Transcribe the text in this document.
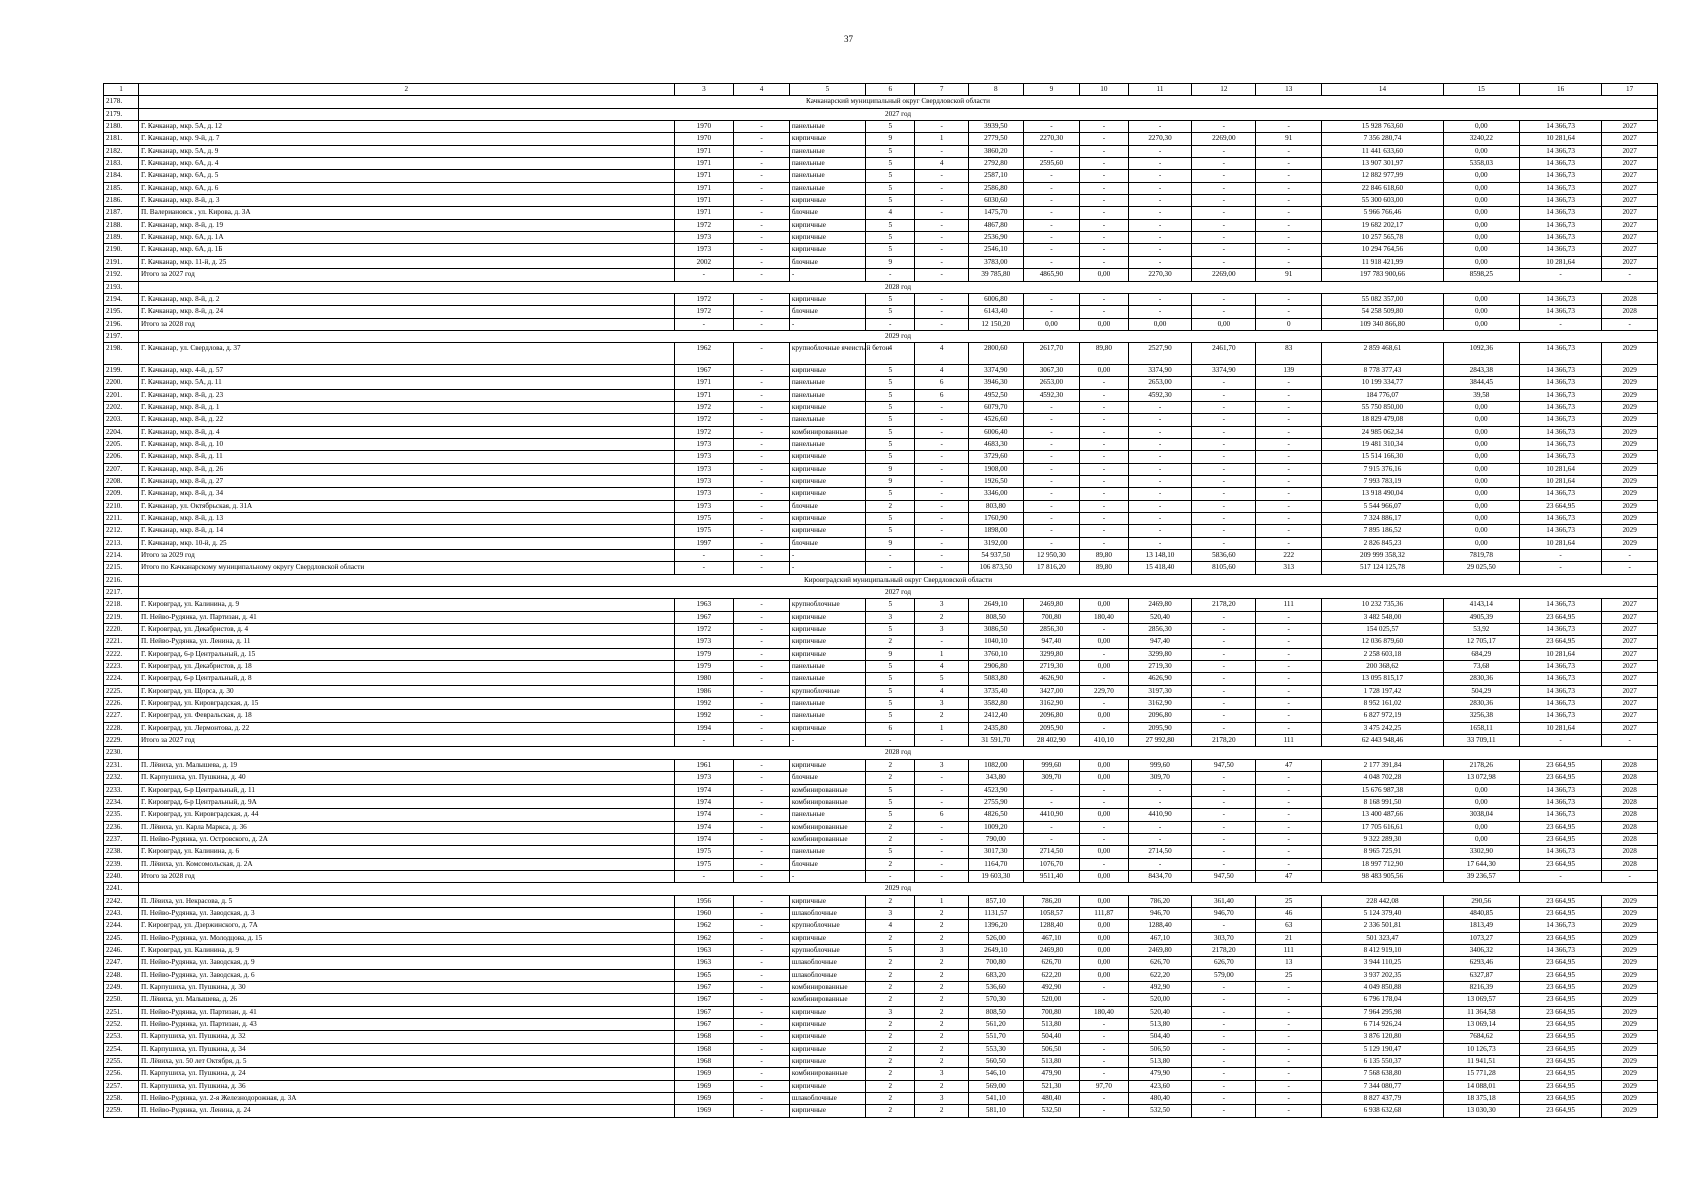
37
1	2	3	4	5	6	7	8	9	10	11	12	13	14	15	16	17
2178.	Качканарский муниципальный округ Свердловской области															
2179.	2027 год															
2180.	Г. Качканар, мкр. 5А, д. 12	1970	-	панельные	5	-	3939,50	-	-	-	-	-	15 928 763,60	0,00	14 366,73	2027
2181.	Г. Качканар, мкр. 9-й, д. 7	1970	-	кирпичные	9	1	2779,50	2270,30	-	2270,30	2269,00	91	7 356 280,74	3240,22	10 281,64	2027
2182.	Г. Качканар, мкр. 5А, д. 9	1971	-	панельные	5	-	3860,20	-	-	-	-	-	11 441 633,60	0,00	14 366,73	2027
2183.	Г. Качканар, мкр. 6А, д. 4	1971	-	панельные	5	4	2792,80	2595,60	-	-	-	-	13 907 301,97	5358,03	14 366,73	2027
2184.	Г. Качканар, мкр. 6А, д. 5	1971	-	панельные	5	-	2587,10	-	-	-	-	-	12 882 977,99	0,00	14 366,73	2027
2185.	Г. Качканар, мкр. 6А, д. 6	1971	-	панельные	5	-	2586,80	-	-	-	-	-	22 846 618,60	0,00	14 366,73	2027
2186.	Г. Качканар, мкр. 8-й, д. 3	1971	-	кирпичные	5	-	6030,60	-	-	-	-	-	55 300 603,00	0,00	14 366,73	2027
2187.	П. Валериановск , ул. Кирова, д. 3А	1971	-	блочные	4	-	1475,70	-	-	-	-	-	5 966 766,46	0,00	14 366,73	2027
2188.	Г. Качканар, мкр. 8-й, д. 19	1972	-	кирпичные	5	-	4867,80	-	-	-	-	-	19 682 202,17	0,00	14 366,73	2027
2189.	Г. Качканар, мкр. 6А, д. 1А	1973	-	кирпичные	5	-	2536,90	-	-	-	-	-	10 257 565,78	0,00	14 366,73	2027
2190.	Г. Качканар, мкр. 6А, д. 1Б	1973	-	кирпичные	5	-	2546,10	-	-	-	-	-	10 294 764,56	0,00	14 366,73	2027
2191.	Г. Качканар, мкр. 11-й, д. 25	2002	-	блочные	9	-	3783,00	-	-	-	-	-	11 918 421,99	0,00	10 281,64	2027
2192.	Итого за 2027 год	-	-	-	-	-	39 785,80	4865,90	0,00	2270,30	2269,00	91	197 783 900,66	8598,25	-	-
2193.	2028 год															
2194.	Г. Качканар, мкр. 8-й, д. 2	1972	-	кирпичные	5	-	6006,80	-	-	-	-	-	55 082 357,00	0,00	14 366,73	2028
2195.	Г. Качканар, мкр. 8-й, д. 24	1972	-	блочные	5	-	6143,40	-	-	-	-	-	54 258 509,80	0,00	14 366,73	2028
2196.	Итого за 2028 год	-	-	-	-	-	12 150,20	0,00	0,00	0,00	0,00	0	109 340 866,80	0,00	-	-
2197.	2029 год															
2198.	Г. Качканар, ул. Свердлова, д. 37	1962	-	крупноблочные ячеистый бетон	4	4	2800,60	2617,70	89,80	2527,90	2461,70	83	2 859 468,61	1092,36	14 366,73	2029
2199.	Г. Качканар, мкр. 4-й, д. 57	1967	-	кирпичные	5	4	3374,90	3067,30	0,00	3374,90	3374,90	139	8 778 377,43	2843,38	14 366,73	2029
2200.	Г. Качканар, мкр. 5А, д. 11	1971	-	панельные	5	6	3946,30	2653,00	-	2653,00	-	-	10 199 334,77	3844,45	14 366,73	2029
2201.	Г. Качканар, мкр. 8-й, д. 23	1971	-	панельные	5	6	4952,50	4592,30	-	4592,30	-	-	184 776,07	39,58	14 366,73	2029
2202.	Г. Качканар, мкр. 8-й, д. 1	1972	-	кирпичные	5	-	6079,70	-	-	-	-	-	55 750 850,00	0,00	14 366,73	2029
2203.	Г. Качканар, мкр. 8-й, д. 22	1972	-	панельные	5	-	4526,60	-	-	-	-	-	18 829 479,08	0,00	14 366,73	2029
2204.	Г. Качканар, мкр. 8-й, д. 4	1972	-	комбинированные	5	-	6006,40	-	-	-	-	-	24 985 062,34	0,00	14 366,73	2029
2205.	Г. Качканар, мкр. 8-й, д. 10	1973	-	панельные	5	-	4683,30	-	-	-	-	-	19 481 310,34	0,00	14 366,73	2029
2206.	Г. Качканар, мкр. 8-й, д. 11	1973	-	кирпичные	5	-	3729,60	-	-	-	-	-	15 514 166,30	0,00	14 366,73	2029
2207.	Г. Качканар, мкр. 8-й, д. 26	1973	-	кирпичные	9	-	1908,00	-	-	-	-	-	7 915 376,16	0,00	10 281,64	2029
2208.	Г. Качканар, мкр. 8-й, д. 27	1973	-	кирпичные	9	-	1926,50	-	-	-	-	-	7 993 783,19	0,00	10 281,64	2029
2209.	Г. Качканар, мкр. 8-й, д. 34	1973	-	кирпичные	5	-	3346,00	-	-	-	-	-	13 918 490,04	0,00	14 366,73	2029
2210.	Г. Качканар, ул. Октябрьская, д. 31А	1973	-	блочные	2	-	803,80	-	-	-	-	-	5 544 966,07	0,00	23 664,95	2029
2211.	Г. Качканар, мкр. 8-й, д. 13	1975	-	кирпичные	5	-	1760,90	-	-	-	-	-	7 324 886,17	0,00	14 366,73	2029
2212.	Г. Качканар, мкр. 8-й, д. 14	1975	-	кирпичные	5	-	1898,00	-	-	-	-	-	7 895 186,52	0,00	14 366,73	2029
2213.	Г. Качканар, мкр. 10-й, д. 25	1997	-	блочные	9	-	3192,00	-	-	-	-	-	2 826 845,23	0,00	10 281,64	2029
2214.	Итого за 2029 год	-	-	-	-	-	54 937,50	12 950,30	89,80	13 148,10	5836,60	222	209 999 358,32	7819,78	-	-
2215.	Итого по Качканарскому муниципальному округу Свердловской области	-	-	-	-	-	106 873,50	17 816,20	89,80	15 418,40	8105,60	313	517 124 125,78	29 025,50	-	-
2216.	Кировградский муниципальный округ Свердловской области															
2217.	2027 год															
2218.	Г. Кировград, ул. Калинина, д. 9	1963	-	крупноблочные	5	3	2649,10	2469,80	0,00	2469,80	2178,20	111	10 232 735,36	4143,14	14 366,73	2027
2219.	П. Нейво-Рудянка, ул. Партизан, д. 41	1967	-	кирпичные	3	2	808,50	700,80	180,40	520,40	-	-	3 482 548,00	4905,39	23 664,95	2027
2220.	Г. Кировград, ул. Декабристов, д. 4	1972	-	кирпичные	5	3	3086,50	2856,30	-	2856,30	-	-	154 025,57	53,92	14 366,73	2027
2221.	П. Нейво-Рудянка, ул. Ленина, д. 11	1973	-	кирпичные	2	-	1040,10	947,40	0,00	947,40	-	-	12 036 879,60	12 705,17	23 664,95	2027
2222.	Г. Кировград, 6-р Центральный, д. 15	1979	-	кирпичные	9	1	3760,10	3299,80	-	3299,80	-	-	2 258 603,18	684,29	10 281,64	2027
2223.	Г. Кировград, ул. Декабристов, д. 18	1979	-	панельные	5	4	2906,80	2719,30	0,00	2719,30	-	-	200 368,62	73,68	14 366,73	2027
2224.	Г. Кировград, 6-р Центральный, д. 8	1980	-	панельные	5	5	5083,80	4626,90	-	4626,90	-	-	13 095 815,17	2830,36	14 366,73	2027
2225.	Г. Кировград, ул. Щорса, д. 30	1986	-	крупноблочные	5	4	3735,40	3427,00	229,70	3197,30	-	-	1 728 197,42	504,29	14 366,73	2027
2226.	Г. Кировград, ул. Кировградская, д. 15	1992	-	панельные	5	3	3582,80	3162,90	-	3162,90	-	-	8 952 161,02	2830,36	14 366,73	2027
2227.	Г. Кировград, ул. Февральская, д. 18	1992	-	панельные	5	2	2412,40	2096,80	0,00	2096,80	-	-	6 827 972,19	3256,38	14 366,73	2027
2228.	Г. Кировград, ул. Лермонтова, д. 22	1994	-	кирпичные	6	1	2435,80	2095,90	-	2095,90	-	-	3 475 242,25	1658,11	10 281,64	2027
2229.	Итого за 2027 год	-	-	-	-	-	31 591,70	28 402,90	410,10	27 992,80	2178,20	111	62 443 948,46	33 709,11	-	-
2230.	2028 год															
2231.	П. Лёвиха, ул. Малышева, д. 19	1961	-	кирпичные	2	3	1082,00	999,60	0,00	999,60	947,50	47	2 177 391,84	2178,26	23 664,95	2028
2232.	П. Карпушиха, ул. Пушкина, д. 40	1973	-	блочные	2	-	343,80	309,70	0,00	309,70	-	-	4 048 702,28	13 072,98	23 664,95	2028
2233.	Г. Кировград, 6-р Центральный, д. 11	1974	-	комбинированные	5	-	4523,90	-	-	-	-	-	15 676 987,38	0,00	14 366,73	2028
2234.	Г. Кировград, 6-р Центральный, д. 9А	1974	-	комбинированные	5	-	2755,90	-	-	-	-	-	8 168 991,50	0,00	14 366,73	2028
2235.	Г. Кировград, ул. Кировградская, д. 44	1974	-	панельные	5	6	4826,50	4410,90	0,00	4410,90	-	-	13 400 487,66	3038,04	14 366,73	2028
2236.	П. Лёвиха, ул. Карла Маркса, д. 36	1974	-	комбинированные	2	-	1009,20	-	-	-	-	-	17 705 616,61	0,00	23 664,95	2028
2237.	П. Нейво-Рудянка, ул. Островского, д. 2А	1974	-	комбинированные	2	-	790,00	-	-	-	-	-	9 322 289,30	0,00	23 664,95	2028
2238.	Г. Кировград, ул. Калинина, д. 6	1975	-	панельные	5	-	3017,30	2714,50	0,00	2714,50	-	-	8 965 725,91	3302,90	14 366,73	2028
2239.	П. Лёвиха, ул. Комсомольская, д. 2А	1975	-	блочные	2	-	1164,70	1076,70	-	-	-	-	18 997 712,90	17 644,30	23 664,95	2028
2240.	Итого за 2028 год	-	-	-	-	-	19 603,30	9511,40	0,00	8434,70	947,50	47	98 483 905,56	39 236,57	-	-
2241.	2029 год															
2242.	П. Лёвиха, ул. Некрасова, д. 5	1956	-	кирпичные	2	1	857,10	786,20	0,00	786,20	361,40	25	228 442,08	290,56	23 664,95	2029
2243.	П. Нейво-Рудянка, ул. Заводская, д. 3	1960	-	шлакоблочные	3	2	1131,57	1058,57	111,87	946,70	946,70	46	5 124 379,40	4840,85	23 664,95	2029
2244.	Г. Кировград, ул. Дзержинского, д. 7А	1962	-	крупноблочные	4	2	1396,20	1288,40	0,00	1288,40	-	63	2 336 501,81	1813,49	14 366,73	2029
2245.	П. Нейво-Рудянка, ул. Молодцова, д. 15	1962	-	кирпичные	2	2	526,00	467,10	0,00	467,10	303,70	21	501 323,47	1073,27	23 664,95	2029
2246.	Г. Кировград, ул. Калинина, д. 9	1963	-	крупноблочные	5	3	2649,10	2469,80	0,00	2469,80	2178,20	111	8 412 919,10	3406,32	14 366,73	2029
2247.	П. Нейво-Рудянка, ул. Заводская, д. 9	1963	-	шлакоблочные	2	2	700,80	626,70	0,00	626,70	626,70	13	3 944 110,25	6293,46	23 664,95	2029
2248.	П. Нейво-Рудянка, ул. Заводская, д. 6	1965	-	шлакоблочные	2	2	683,20	622,20	0,00	622,20	579,00	25	3 937 202,35	6327,87	23 664,95	2029
2249.	П. Карпушиха, ул. Пушкина, д. 30	1967	-	комбинированные	2	2	536,60	492,90	-	492,90	-	-	4 049 850,88	8216,39	23 664,95	2029
2250.	П. Лёвиха, ул. Малышева, д. 26	1967	-	комбинированные	2	2	570,30	520,00	-	520,00	-	-	6 796 178,04	13 069,57	23 664,95	2029
2251.	П. Нейво-Рудянка, ул. Партизан, д. 41	1967	-	кирпичные	3	2	808,50	700,80	180,40	520,40	-	-	7 964 295,98	11 364,58	23 664,95	2029
2252.	П. Нейво-Рудянка, ул. Партизан, д. 43	1967	-	кирпичные	2	2	561,20	513,80	-	513,80	-	-	6 714 926,24	13 069,14	23 664,95	2029
2253.	П. Карпушиха, ул. Пушкина, д. 32	1968	-	кирпичные	2	2	551,70	504,40	-	504,40	-	-	3 876 120,80	7684,62	23 664,95	2029
2254.	П. Карпушиха, ул. Пушкина, д. 34	1968	-	кирпичные	2	2	553,30	506,50	-	506,50	-	-	5 129 190,47	10 126,73	23 664,95	2029
2255.	П. Лёвиха, ул. 50 лет Октября, д. 5	1968	-	кирпичные	2	2	560,50	513,80	-	513,80	-	-	6 135 550,37	11 941,51	23 664,95	2029
2256.	П. Карпушиха, ул. Пушкина, д. 24	1969	-	комбинированные	2	3	546,10	479,90	-	479,90	-	-	7 568 638,80	15 771,28	23 664,95	2029
2257.	П. Карпушиха, ул. Пушкина, д. 36	1969	-	кирпичные	2	2	569,00	521,30	97,70	423,60	-	-	7 344 080,77	14 088,01	23 664,95	2029
2258.	П. Нейво-Рудянка, ул. 2-я Железнодорожная, д. 3А	1969	-	шлакоблочные	2	3	541,10	480,40	-	480,40	-	-	8 827 437,79	18 375,18	23 664,95	2029
2259.	П. Нейво-Рудянка, ул. Ленина, д. 24	1969	-	кирпичные	2	2	581,10	532,50	-	532,50	-	-	6 938 632,68	13 030,30	23 664,95	2029
